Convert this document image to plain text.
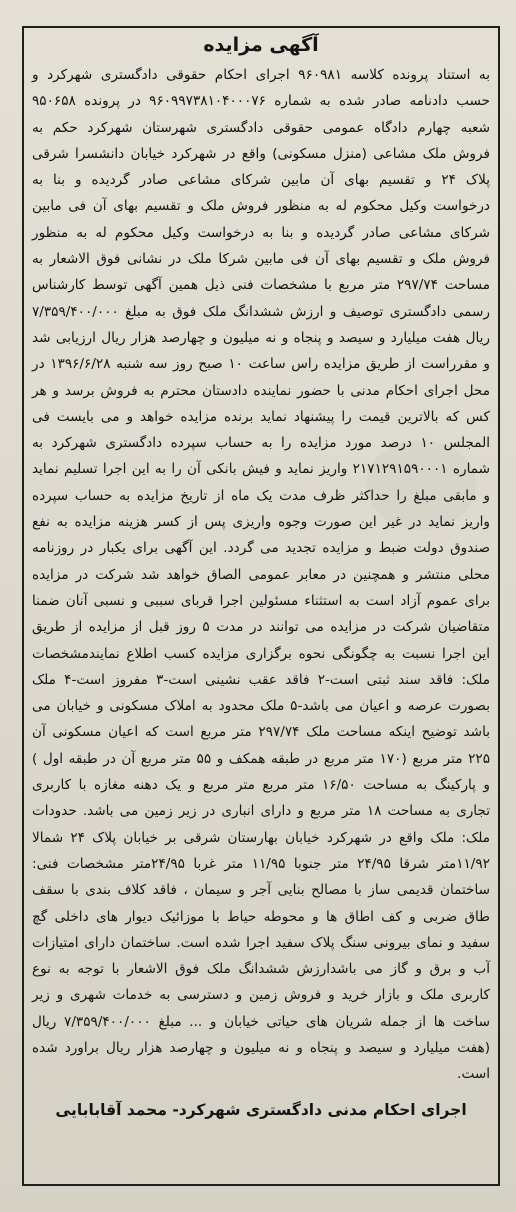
آگهی مزایده

به استناد پرونده کلاسه ۹۶۰۹۸۱ اجرای احکام حقوقی دادگستری شهرکرد و حسب دادنامه صادر شده به شماره ۹۶۰۹۹۷۳۸۱۰۴۰۰۰۷۶ در پرونده ۹۵۰۶۵۸ شعبه چهارم دادگاه عمومی حقوقی دادگستری شهرستان شهرکرد حکم به فروش ملک مشاعی (منزل مسکونی) واقع در شهرکرد خیابان دانشسرا شرقی پلاک ۲۴ و تقسیم بهای آن مابین شرکای مشاعی صادر گردیده و بنا به درخواست وکیل محکوم له به منظور فروش ملک و تقسیم بهای آن فی مابین شرکای مشاعی صادر گردیده و بنا به درخواست وکیل محکوم له به منظور فروش ملک و تقسیم بهای آن فی مابین شرکا ملک در نشانی فوق الاشعار به مساحت ۲۹۷/۷۴ متر مربع با مشخصات فنی ذیل همین آگهی توسط کارشناس رسمی دادگستری توصیف و ارزش ششدانگ ملک فوق به مبلغ ۷/۳۵۹/۴۰۰/۰۰۰ ریال هفت میلیارد و سیصد و پنجاه و نه میلیون و چهارصد هزار ریال ارزیابی شد و مقرراست از طریق مزایده راس ساعت ۱۰ صبح روز سه شنبه ۱۳۹۶/۶/۲۸ در محل اجرای احکام مدنی با حضور نماینده دادستان محترم به فروش برسد و هر کس که بالاترین قیمت را پیشنهاد نماید برنده مزایده خواهد و می بایست فی المجلس ۱۰ درصد مورد مزایده را به حساب سپرده دادگستری شهرکرد به شماره ۲۱۷۱۲۹۱۵۹۰۰۰۱ واریز نماید و فیش بانکی آن را به این اجرا تسلیم نماید و مابقی مبلغ را حداکثر ظرف مدت یک ماه از تاریخ مزایده به حساب سپرده واریز نماید در غیر این صورت وجوه واریزی پس از کسر هزینه مزایده به نفع صندوق دولت ضبط و مزایده تجدید می گردد. این آگهی برای یکبار در روزنامه محلی منتشر و همچنین در معابر عمومی الصاق خواهد شد شرکت در مزایده برای عموم آزاد است به استثناء مسئولین اجرا قربای سببی و نسبی آنان ضمنا متقاضیان شرکت در مزایده می توانند در مدت ۵ روز قبل از مزایده از طریق این اجرا نسبت به چگونگی نحوه برگزاری مزایده کسب اطلاع نمایندمشخصات ملک: فاقد سند ثبتی است-۲ فاقد عقب نشینی است-۳ مفروز است-۴ ملک بصورت عرصه و اعیان می باشد-۵ ملک محدود به املاک مسکونی و خیابان می باشد توضیح اینکه مساحت ملک ۲۹۷/۷۴ متر مربع است که اعیان مسکونی آن ۲۲۵ متر مربع (۱۷۰ متر مربع در طبقه همکف و ۵۵ متر مربع آن در طبقه اول ) و پارکینگ به مساحت ۱۶/۵۰ متر مربع متر مربع و یک دهنه مغازه با کاربری تجاری به مساحت ۱۸ متر مربع و دارای انباری در زیر زمین می باشد. حدودات ملک: ملک واقع در شهرکرد خیابان بهارستان شرقی بر خیابان پلاک ۲۴ شمالا ۱۱/۹۲متر شرقا ۲۴/۹۵ متر جنوبا ۱۱/۹۵ متر غربا ۲۴/۹۵متر مشخصات فنی: ساختمان قدیمی ساز با مصالح بنایی آجر و سیمان ، فاقد کلاف بندی با سقف طاق ضربی و کف اطاق ها و محوطه حیاط با موزائیک دیوار های داخلی گچ سفید و نمای بیرونی سنگ پلاک سفید اجرا شده است. ساختمان دارای امتیازات آب و برق و گاز می باشدارزش ششدانگ ملک فوق الاشعار با توجه به نوع کاربری ملک و بازار خرید و فروش زمین و دسترسی به خدمات شهری و زیر ساخت ها از جمله شریان های حیاتی خیابان و ... مبلغ ۷/۳۵۹/۴۰۰/۰۰۰ ریال (هفت میلیارد و سیصد و پنجاه و نه میلیون و چهارصد هزار ریال براورد شده است.

اجرای احکام مدنی دادگستری شهرکرد- محمد آقابابایی
